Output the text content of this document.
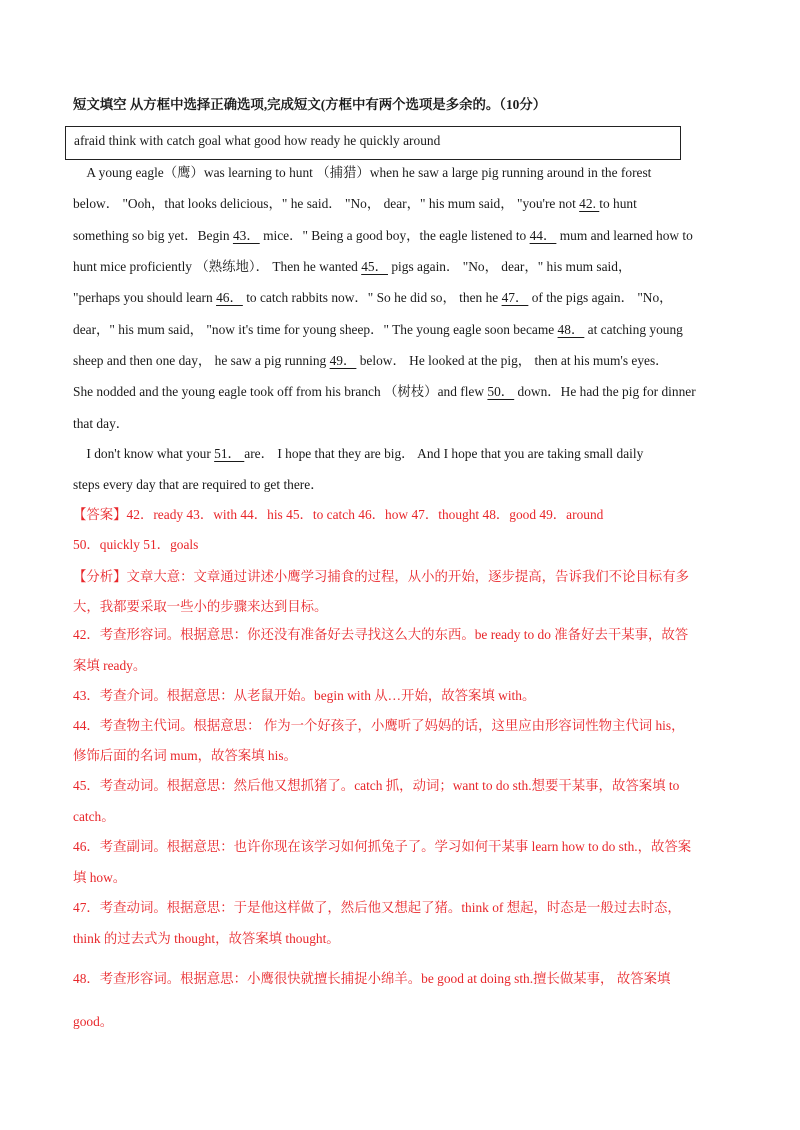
短文填空 从方框中选择正确选项,完成短文(方框中有两个选项是多余的。（10分）
afraid think with catch goal what good how ready he quickly around
　A young eagle（鹰）was learning to hunt （捕猎）when he saw a large pig running around in the forest
below． "Ooh，that looks delicious，" he said． "No， dear，" his mum said， "you're not 42. to hunt
something so big yet．Begin 43． mice．" Being a good boy，the eagle listened to 44． mum and learned how to
hunt mice proficiently （熟练地）． Then he wanted 45． pigs again． "No， dear，" his mum said，
"perhaps you should learn 46． to catch rabbits now．" So he did so， then he 47． of the pigs again． "No，
dear，" his mum said， "now it's time for young sheep．" The young eagle soon became 48． at catching young
sheep and then one day， he saw a pig running 49． below． He looked at the pig， then at his mum's eyes．
She nodded and the young eagle took off from his branch （树枝）and flew 50． down．He had the pig for dinner
that day．
　I don't know what your 51． are． I hope that they are big． And I hope that you are taking small daily
steps every day that are required to get there．
【答案】42．ready 43．with 44．his 45．to catch 46．how 47．thought 48．good 49．around
50．quickly 51．goals
【分析】文章大意：文章通过讲述小鹰学习捕食的过程，从小的开始，逐步提高，告诉我们不论目标有多
大，我都要采取一些小的步骤来达到目标。
42．考查形容词。根据意思：你还没有准备好去寻找这么大的东西。be ready to do 准备好去干某事，故答
案填 ready。
43．考查介词。根据意思：从老鼠开始。begin with 从…开始，故答案填 with。
44．考查物主代词。根据意思： 作为一个好孩子，小鹰听了妈妈的话，这里应由形容词性物主代词 his，
修饰后面的名词 mum，故答案填 his。
45．考查动词。根据意思：然后他又想抓猪了。catch 抓，动词；want to do sth.想要干某事，故答案填 to
catch。
46．考查副词。根据意思：也许你现在该学习如何抓兔子了。学习如何干某事 learn how to do sth.，故答案
填 how。
47．考查动词。根据意思：于是他这样做了，然后他又想起了猪。think of 想起，时态是一般过去时态，
think 的过去式为 thought，故答案填 thought。
48．考查形容词。根据意思：小鹰很快就擅长捕捉小绵羊。be good at doing sth.擅长做某事， 故答案填
good。
